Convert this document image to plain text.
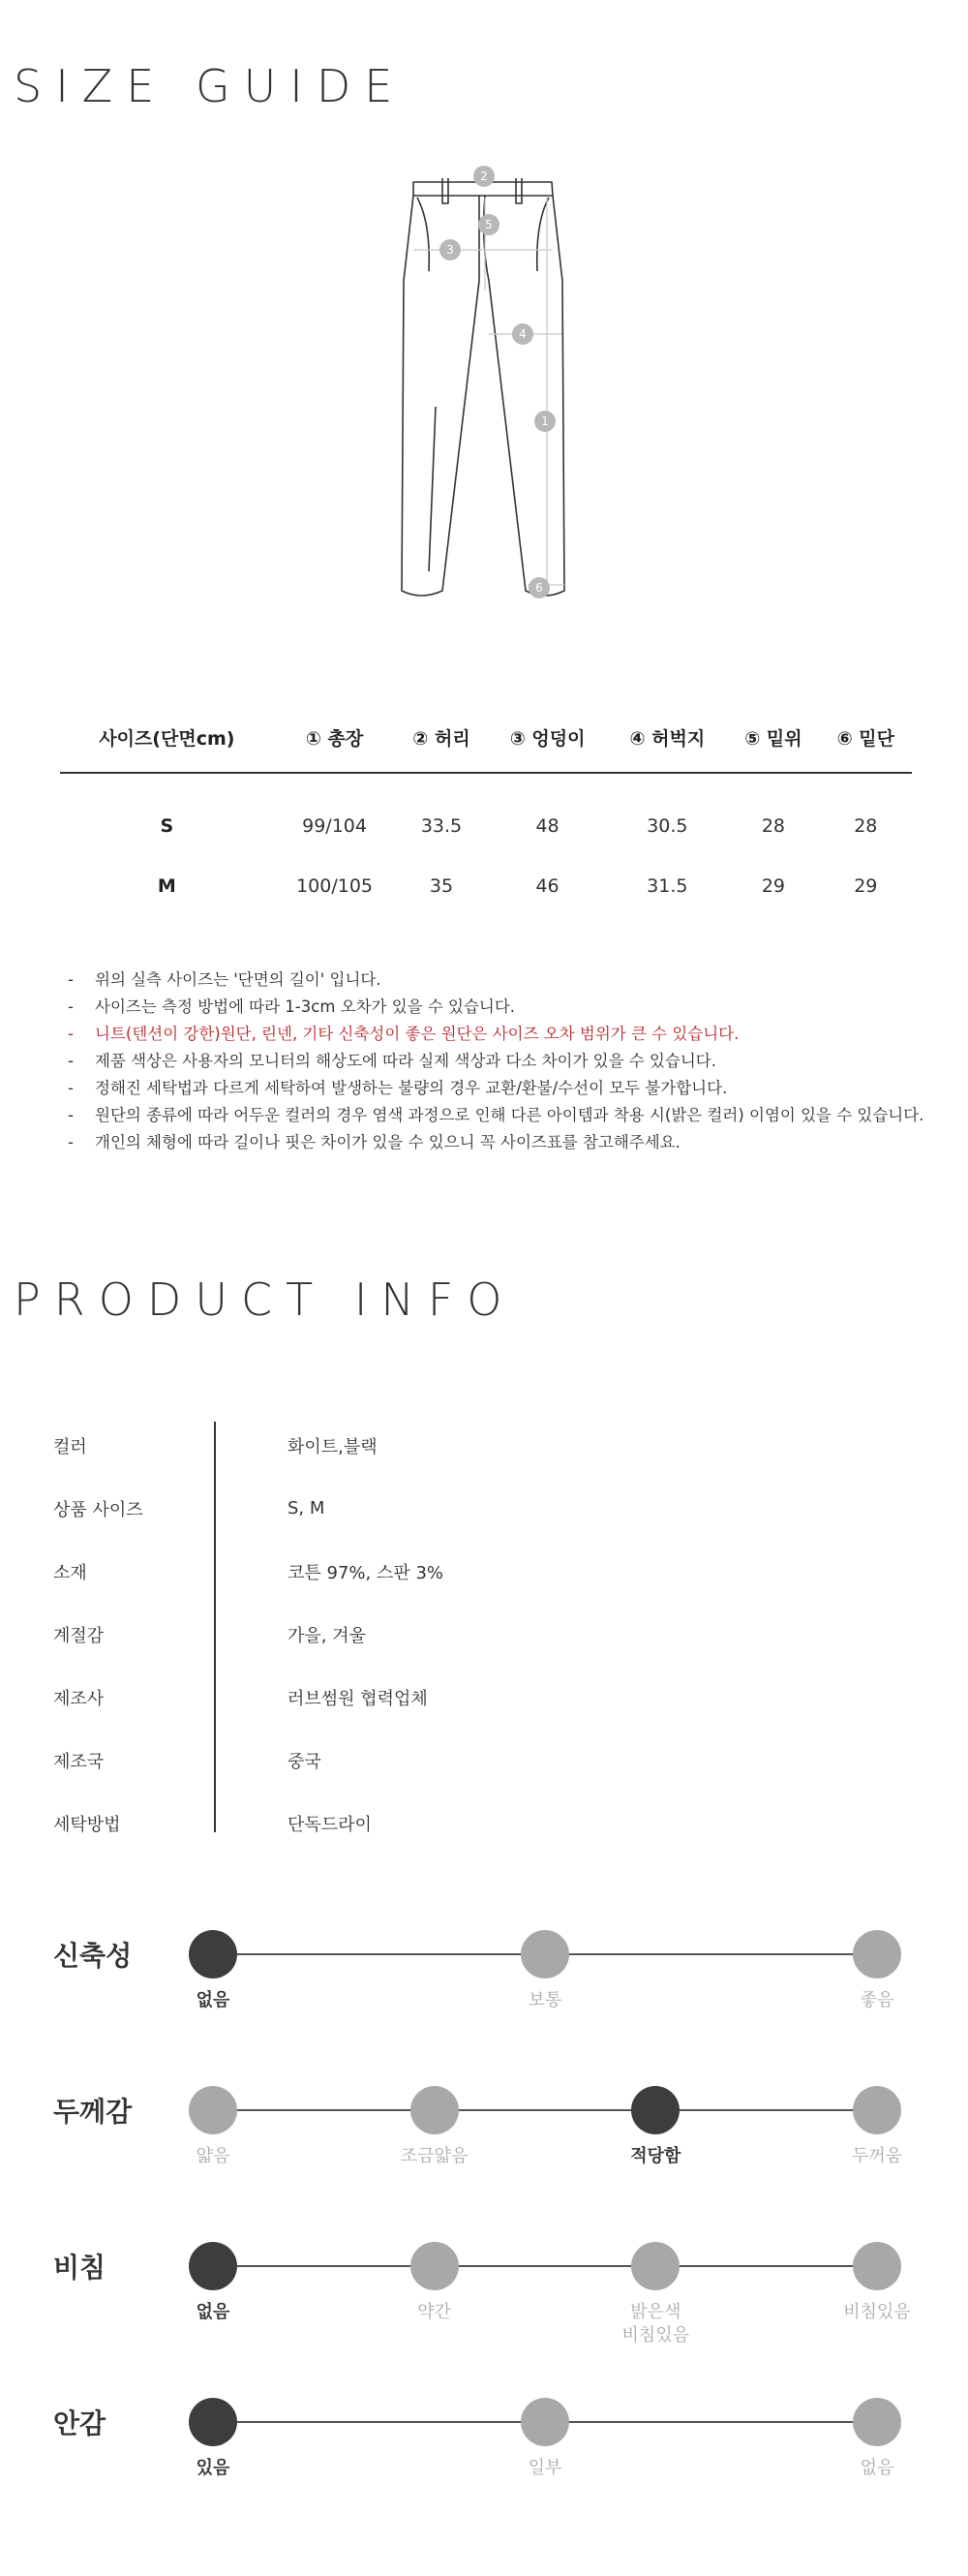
SIZE GUIDE
1
2
3
4
5
6
사이즈(단면cm)	① 총장	② 허리	③ 엉덩이	④ 허벅지	⑤ 밑위	⑥ 밑단
S	99/104	33.5	48	30.5	28	28
M	100/105	35	46	31.5	29	29
- 위의 실측 사이즈는 '단면의 길이' 입니다.
- 사이즈는 측정 방법에 따라 1-3cm 오차가 있을 수 있습니다.
- 니트(텐션이 강한)원단, 린넨, 기타 신축성이 좋은 원단은 사이즈 오차 범위가 큰 수 있습니다.
- 제품 색상은 사용자의 모니터의 해상도에 따라 실제 색상과 다소 차이가 있을 수 있습니다.
- 정해진 세탁법과 다르게 세탁하여 발생하는 불량의 경우 교환/환불/수선이 모두 불가합니다.
- 원단의 종류에 따라 어두운 컬러의 경우 염색 과정으로 인해 다른 아이템과 착용 시(밝은 컬러) 이염이 있을 수 있습니다.
- 개인의 체형에 따라 길이나 핏은 차이가 있을 수 있으니 꼭 사이즈표를 참고해주세요.
PRODUCT INFO
컬러	화이트,블랙
상품 사이즈	S, M
소재	코튼 97%, 스판 3%
계절감	가을, 겨울
제조사	러브썸원 협력업체
제조국	중국
세탁방법	단독드라이
신축성
없음	보통	좋음
두께감
얇음	조금얇음	적당함	두꺼움
비침
없음	약간	밝은색
비침있음
비침있음
안감
있음	일부	없음
